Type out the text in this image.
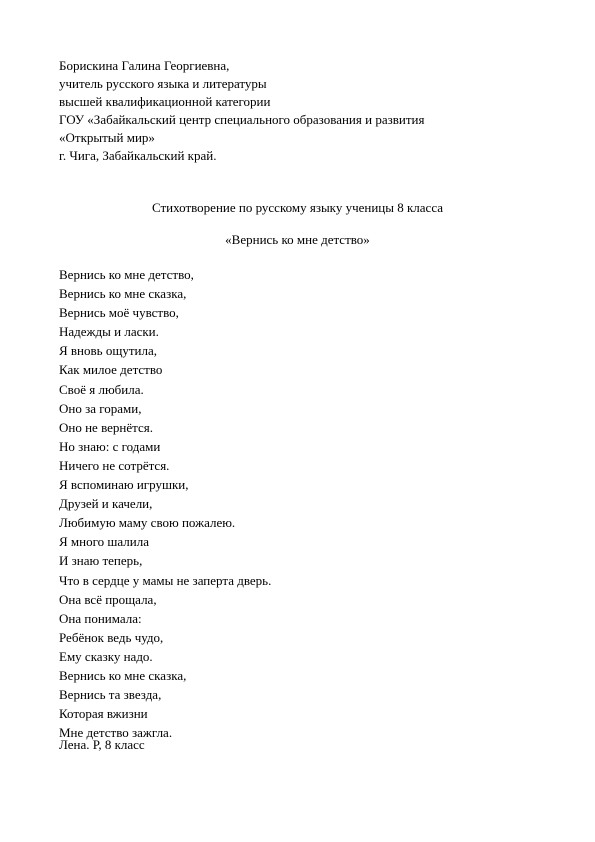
Борискина Галина Георгиевна,
учитель русского языка и литературы
высшей квалификационной категории
ГОУ «Забайкальский центр специального образования и развития
«Открытый мир»
г. Чига, Забайкальский край.
Стихотворение по русскому языку ученицы 8 класса
«Вернись ко мне детство»
Вернись ко мне детство,
Вернись ко мне сказка,
Вернись моё чувство,
Надежды и ласки.
Я вновь ощутила,
Как милое детство
Своё я любила.
Оно за горами,
Оно не вернётся.
Но знаю: с годами
Ничего не сотрётся.
Я вспоминаю игрушки,
Друзей и качели,
Любимую маму свою пожалею.
Я много шалила
И знаю теперь,
Что в сердце у мамы не заперта дверь.
Она всё прощала,
Она понимала:
Ребёнок ведь чудо,
Ему сказку надо.
Вернись ко мне сказка,
Вернись та звезда,
Которая вжизни
Мне детство зажгла.
Лена. Р, 8 класс
